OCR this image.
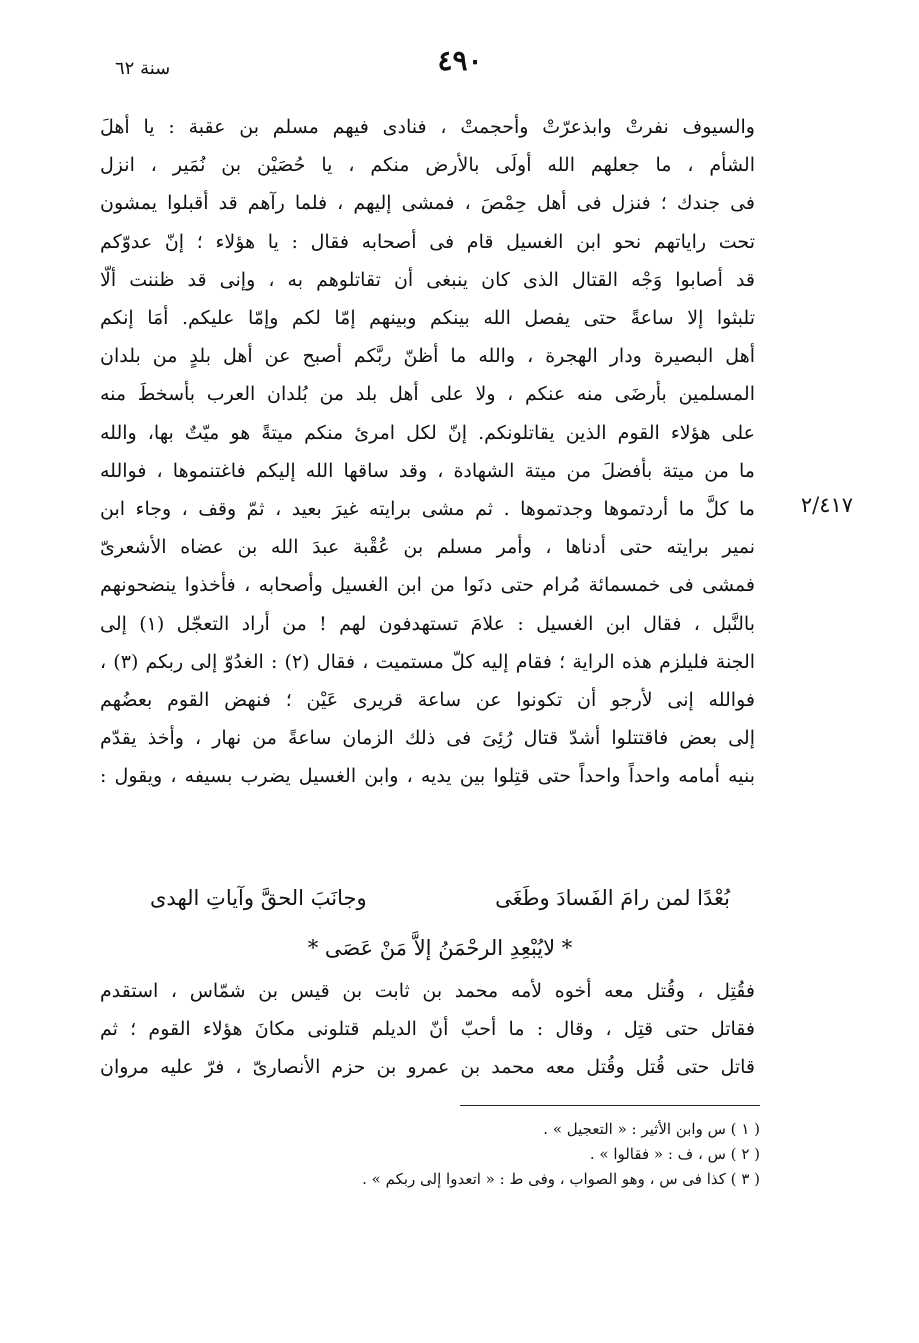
٤٩٠
سنة ٦٢
والسيوف نفرتْ وابذعرّتْ وأحجمتْ ، فنادى فيهم مسلم بن عقبة : يا أهلَ
الشأم ، ما جعلهم الله أولَى بالأرض منكم ، يا حُصَيْن بن نُمَير ، انزل
فى جندك ؛ فنزل فى أهل حِمْصَ ، فمشى إليهم ، فلما رآهم قد أقبلوا يمشون
تحت راياتهم نحو ابن الغسيل قام فى أصحابه فقال : يا هؤلاء ؛ إنّ عدوّكم
قد أصابوا وَجْه القتال الذى كان ينبغى أن تقاتلوهم به ، وإنى قد ظننت ألّا
تلبثوا إلا ساعةً حتى يفصل الله بينكم وبينهم إمّا لكم وإمّا عليكم. أمَا إنكم
أهل البصيرة ودار الهجرة ، والله ما أظنّ ربَّكم أصبح عن أهل بلدٍ من بلدان
المسلمين بأرضَى منه عنكم ، ولا على أهل بلد من بُلدان العرب بأسخطَ منه
على هؤلاء القوم الذين يقاتلونكم. إنّ لكل امرئ منكم ميتةً هو ميّتٌ بها، والله
ما من ميتة بأفضلَ من ميتة الشهادة ، وقد ساقها الله إليكم فاغتنموها ، فوالله
ما كلَّ ما أردتموها وجدتموها . ثم مشى برايته غيرَ بعيد ، ثمّ وقف ، وجاء ابن
نمير برايته حتى أدناها ، وأمر مسلم بن عُقْبة عبدَ الله بن عضاه الأشعرىّ
فمشى فى خمسمائة مُرام حتى دنَوا من ابن الغسيل وأصحابه ، فأخذوا ينضحونهم
بالنَّبل ، فقال ابن الغسيل : علامَ تستهدفون لهم ! من أراد التعجّل (١) إلى
الجنة فليلزم هذه الراية ؛ فقام إليه كلّ مستميت ، فقال (٢) : الغدُوّ إلى ربكم (٣) ،
فوالله إنى لأرجو أن تكونوا عن ساعة قريرى عَيْن ؛ فنهض القوم بعضُهم
إلى بعض فاقتتلوا أشدّ قتال رُئِىَ فى ذلك الزمان ساعةً من نهار ، وأخذ يقدّم
بنيه أمامه واحداً واحداً حتى قتِلوا بين يديه ، وابن الغسيل يضرب بسيفه ، ويقول :
٢/٤١٧
بُعْدًا لمن رامَ الفَسادَ وطَغَى
وجانَبَ الحقَّ وآياتِ الهدى
* لايُبْعِدِ الرحْمَنُ إلاَّ مَنْ عَصَى *
فقُتِل ، وقُتل معه أخوه لأمه محمد بن ثابت بن قيس بن شمّاس ، استقدم
فقاتل حتى قتِل ، وقال : ما أحبّ أنّ الديلم قتلونى مكانَ هؤلاء القوم ؛ ثم
قاتل حتى قُتل وقُتل معه محمد بن عمرو بن حزم الأنصارىّ ، فرّ عليه مروان
( ١ ) س وابن الأثير : « التعجيل » .
( ٢ ) س ، ف : « فقالوا » .
( ٣ ) كذا فى س ، وهو الصواب ، وفى ط : « اتعدوا إلى ربكم » .
